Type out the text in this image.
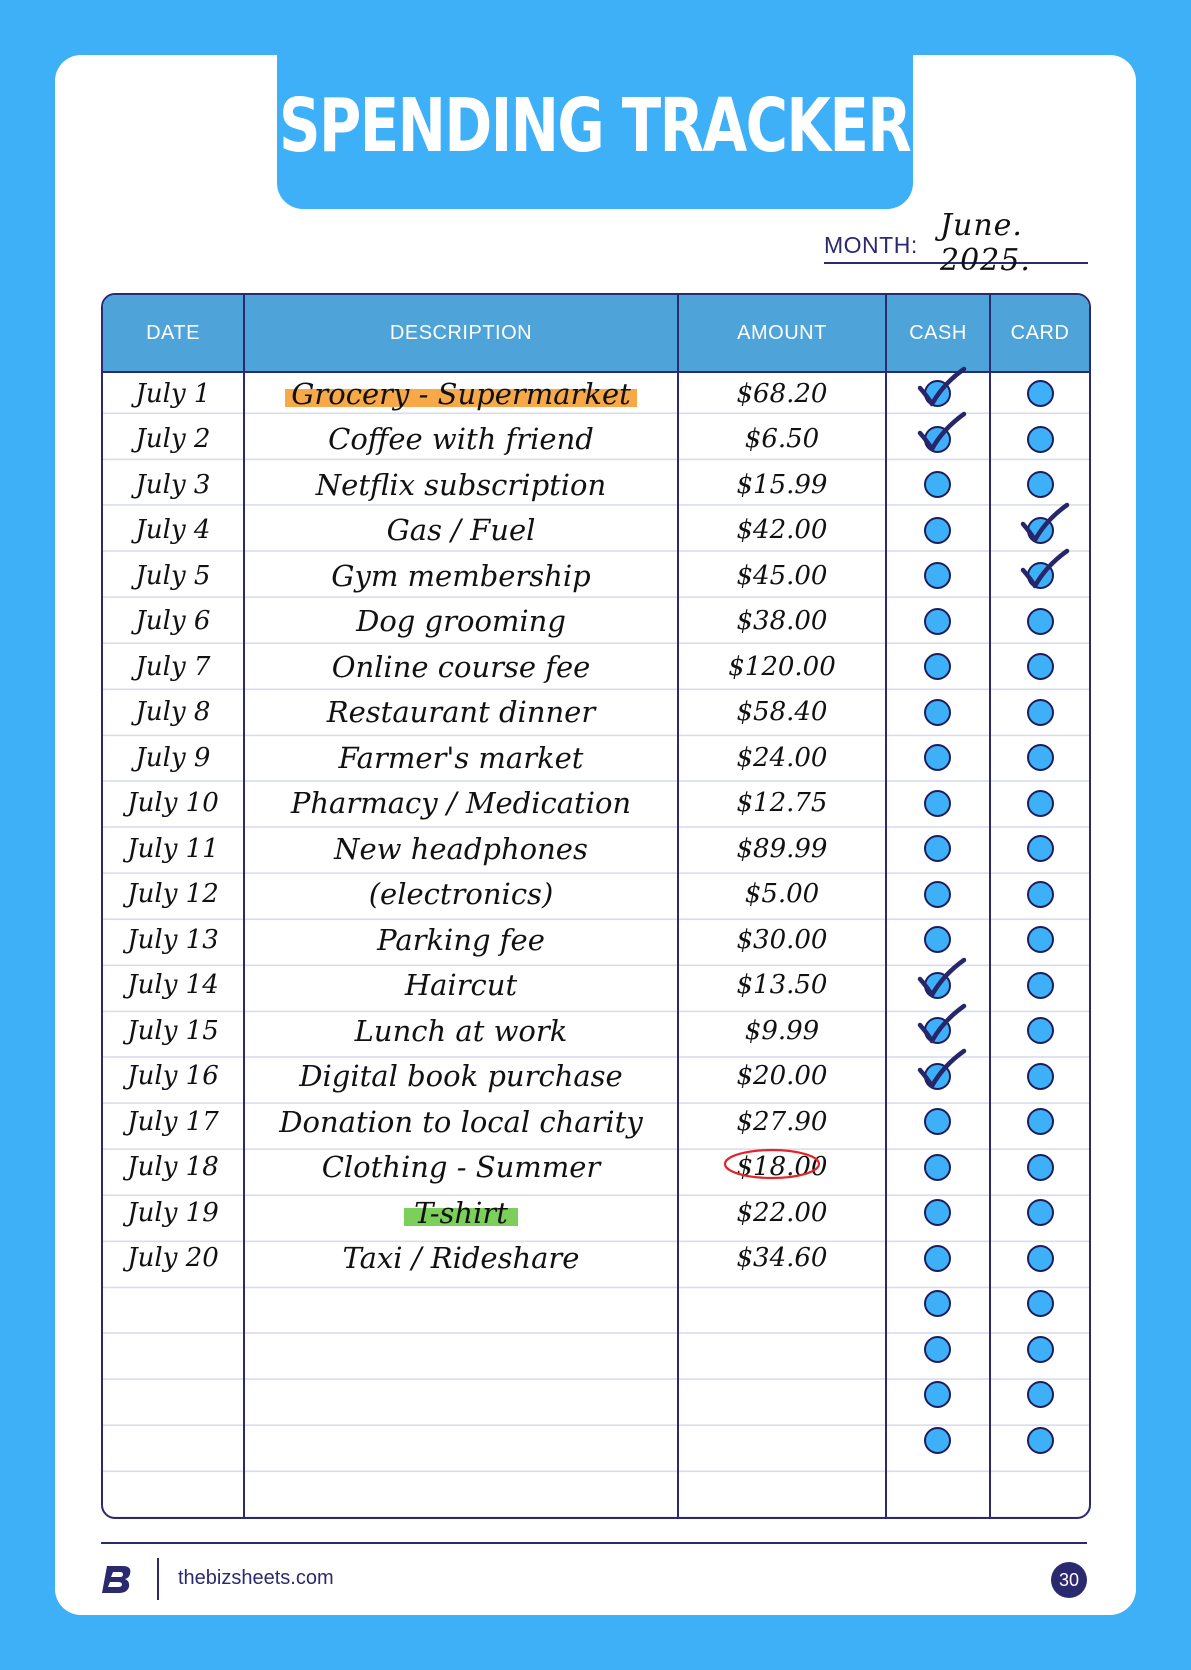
SPENDING TRACKER
MONTH:
June. 2025.
DATE	DESCRIPTION	AMOUNT	CASH	CARD
July 1	Grocery - Supermarket	$68.20
July 2	Coffee with friend	$6.50
July 3	Netflix subscription	$15.99
July 4	Gas / Fuel	$42.00
July 5	Gym membership	$45.00
July 6	Dog grooming	$38.00
July 7	Online course fee	$120.00
July 8	Restaurant dinner	$58.40
July 9	Farmer's market	$24.00
July 10	Pharmacy / Medication	$12.75
July 11	New headphones	$89.99
July 12	(electronics)	$5.00
July 13	Parking fee	$30.00
July 14	Haircut	$13.50
July 15	Lunch at work	$9.99
July 16	Digital book purchase	$20.00
July 17	Donation to local charity	$27.90
July 18	Clothing - Summer	$18.00
July 19	T-shirt	$22.00
July 20	Taxi / Rideshare	$34.60
thebizsheets.com	30
